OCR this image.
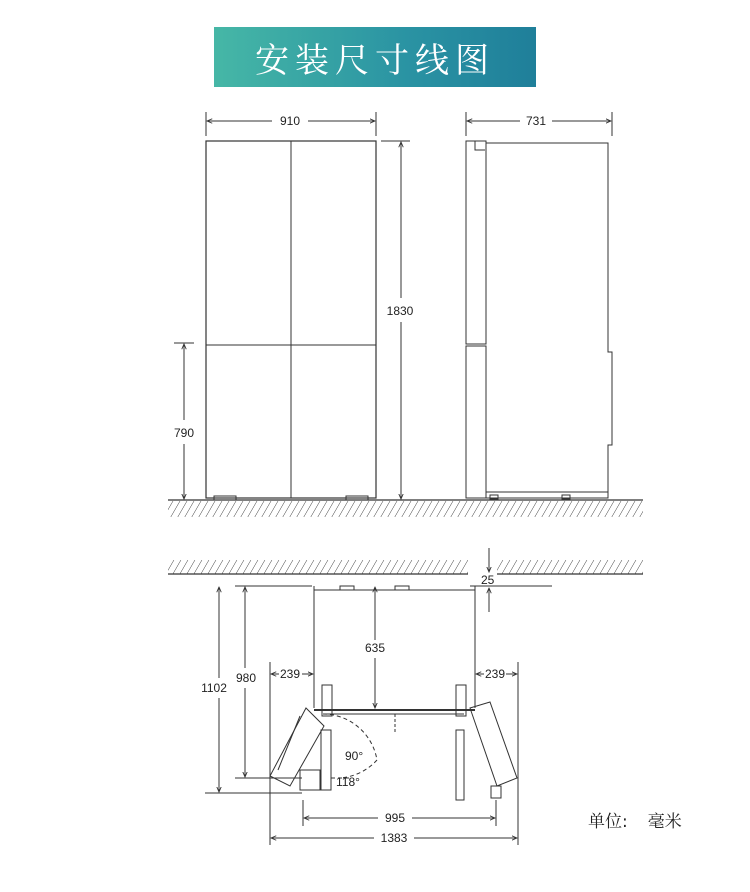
安装尺寸线图
910	731
1830
790
25
635
239	239
980
1102
90°
118°
995
1383
单位: 毫米
